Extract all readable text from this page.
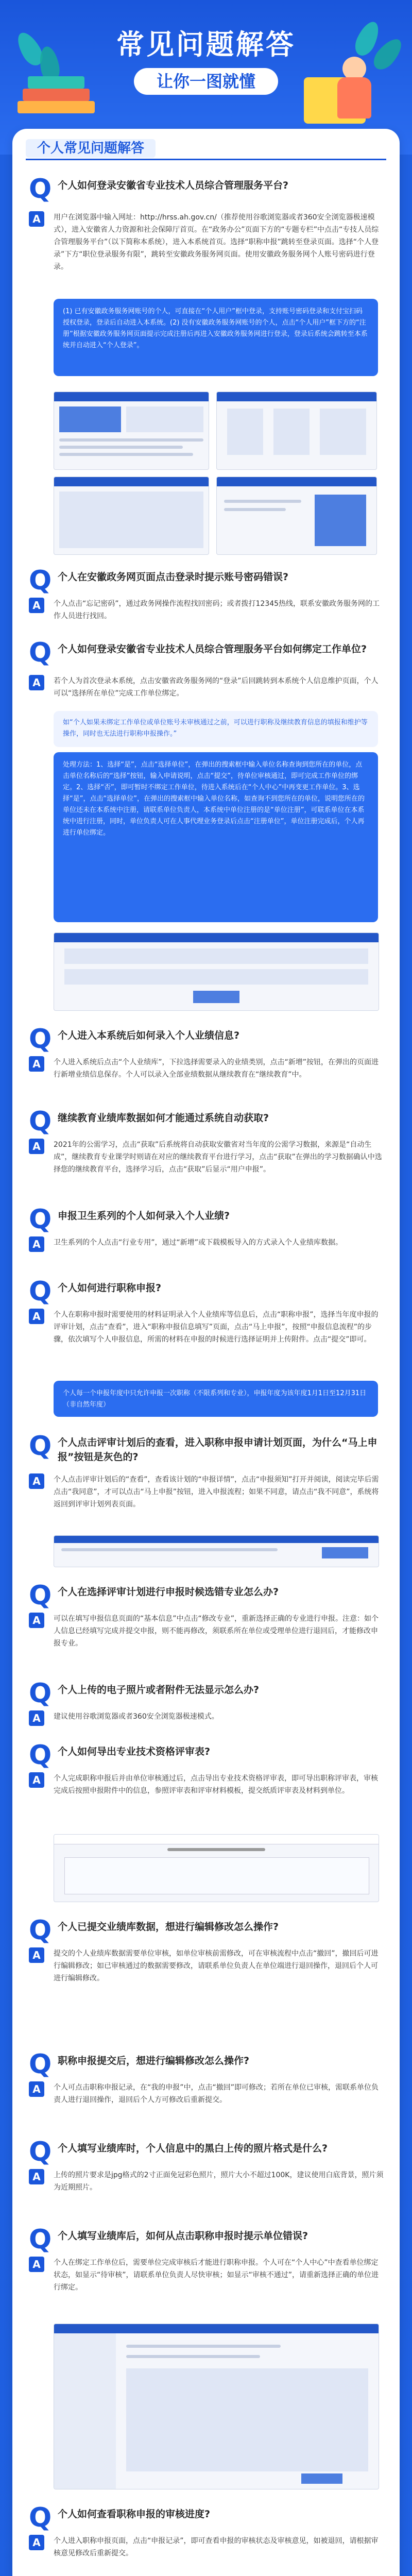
常见问题解答
让你一图就懂
个人常见问题解答
Q 个人如何登录安徽省专业技术人员综合管理服务平台?
A	用户在浏览器中输入网址：http://hrss.ah.gov.cn/（推荐使用谷歌浏览器或者360安全浏览器极速模式），进入安徽省人力资源和社会保障厅首页。在“政务办公”页面下方的“专题专栏”中点击“专技人员综合管理服务平台”（以下简称本系统），进入本系统首页。选择“职称申报”跳转至登录页面。选择“个人登录”下方“职位登录服务有限”，跳转至安徽政务服务网页面。使用安徽政务服务网个人账号密码进行登录。
(1) 已有安徽政务服务网账号的个人，可直接在“个人用户”框中登录，支持账号密码登录和支付宝扫码授权登录，登录后自动进入本系统。(2) 没有安徽政务服务网账号的个人，点击“个人用户”框下方的“注册”根据安徽政务服务网页面提示完成注册后再进入安徽政务服务网进行登录，登录后系统会跳转至本系统并自动进入“个人登录”。
Q 个人在安徽政务网页面点击登录时提示账号密码错误?
A	个人点击“忘记密码”，通过政务网操作流程找回密码；或者拨打12345热线，联系安徽政务服务网的工作人员进行找回。
Q 个人如何登录安徽省专业技术人员综合管理服务平台如何绑定工作单位?
A	若个人为首次登录本系统，点击安徽省政务服务网的“登录”后回跳转到本系统个人信息维护页面，个人可以“选择所在单位”完成工作单位绑定。
如“个人如果未绑定工作单位或单位账号未审核通过之前，可以进行职称及继续教育信息的填报和维护等操作，同时也无法进行职称申报操作。”
处理方法：1、选择“是”，点击“选择单位”，在弹出的搜索框中输入单位名称查询到您所在的单位，点击单位名称后的“选择”按钮，输入申请说明，点击“提交”，待单位审核通过，即可完成工作单位的绑定。2、选择“否”，即可暂时不绑定工作单位，待进入系统后在“个人中心”中再变更工作单位。3、选择“是”，点击“选择单位”，在弹出的搜索框中输入单位名称，如查询不到您所在的单位，说明您所在的单位还未在本系统中注册，请联系单位负责人，本系统中单位注册的是“单位注册”，可联系单位在本系统中进行注册，同时，单位负责人可在人事代理业务登录后点击“注册单位”，单位注册完成后，个人再进行单位绑定。
Q 个人进入本系统后如何录入个人业绩信息?
A	个人进入系统后点击“个人业绩库”，下拉选择需要录入的业绩类别，点击“新增”按钮，在弹出的页面进行新增业绩信息保存。个人可以录入全部业绩数据从继续教育在“继续教育”中。
Q 继续教育业绩库数据如何才能通过系统自动获取?
A	2021年的公需学习，点击“获取”后系统将自动获取安徽省对当年度的公需学习数据，来源是“自动生成”，继续教育专业课学时则请在对应的继续教育平台进行学习，点击“获取”在弹出的学习数据确认中选择您的继续教育平台，选择学习后，点击“获取”后显示“用户申报”。
Q 申报卫生系列的个人如何录入个人业绩?
A	卫生系列的个人点击“行业专用”，通过“新增”或下载模板导入的方式录入个人业绩库数据。
Q 个人如何进行职称申报?
A	个人在职称申报时需要使用的材料证明录入个人业绩库等信息后，点击“职称申报”，选择当年度申报的评审计划，点击“查看”，进入“职称申报信息填写”页面，点击“马上申报”，按照“申报信息流程”的步骤，依次填写个人申报信息，所需的材料在申报的时候进行选择证明并上传附件。点击“提交”即可。
个人每一个申报年度中只允许申报一次职称（不限系列和专业），申报年度为该年度1月1日至12月31日（非自然年度）
Q 个人点击评审计划后的查看，进入职称申报申请计划页面，为什么“马上申报”按钮是灰色的?
A	个人点击评审计划后的“查看”，查看该计划的“申报详情”，点击“申报须知”打开并阅读，阅读完毕后需点击“我同意”，才可以点击“马上申报”按钮，进入申报流程；如果不同意，请点击“我不同意”，系统将返回到评审计划列表页面。
Q 个人在选择评审计划进行申报时候选错专业怎么办?
A	可以在填写申报信息页面的“基本信息”中点击“修改专业”，重新选择正确的专业进行申报。注意：如个人信息已经填写完成并提交申报，则不能再修改，须联系所在单位或受理单位进行退回后，才能修改申报专业。
Q 个人上传的电子照片或者附件无法显示怎么办?
A	建议使用谷歌浏览器或者360安全浏览器极速模式。
Q 个人如何导出专业技术资格评审表?
A	个人完成职称申报后并由单位审核通过后，点击导出专业技术资格评审表，即可导出职称评审表，审核完成后按照申报附件中的信息，参照评审表和评审材料模板，提交纸质评审表及材料到单位。
Q 个人已提交业绩库数据，想进行编辑修改怎么操作?
A	提交的个人业绩库数据需要单位审核，如单位审核前需修改，可在审核流程中点击“撤回”，撤回后可进行编辑修改；如已审核通过的数据需要修改，请联系单位负责人在单位端进行退回操作，退回后个人可进行编辑修改。
Q 职称申报提交后，想进行编辑修改怎么操作?
A	个人可点击职称申报记录，在“我的申报”中，点击“撤回”即可修改；若所在单位已审核，需联系单位负责人进行退回操作，退回后个人方可修改后重新提交。
Q 个人填写业绩库时，个人信息中的黑白上传的照片格式是什么?
A	上传的照片要求是jpg格式的2寸正面免冠彩色照片，照片大小不超过100K，建议使用白底背景，照片须为近期照片。
Q 个人填写业绩库后，如何从点击职称申报时提示单位错误?
A	个人在绑定工作单位后，需要单位完成审核后才能进行职称申报。个人可在“个人中心”中查看单位绑定状态，如显示“待审核”，请联系单位负责人尽快审核；如显示“审核不通过”，请重新选择正确的单位进行绑定。
Q 个人如何查看职称申报的审核进度?
A	个人进入职称申报页面，点击“申报记录”，即可查看申报的审核状态及审核意见，如被退回，请根据审核意见修改后重新提交。
